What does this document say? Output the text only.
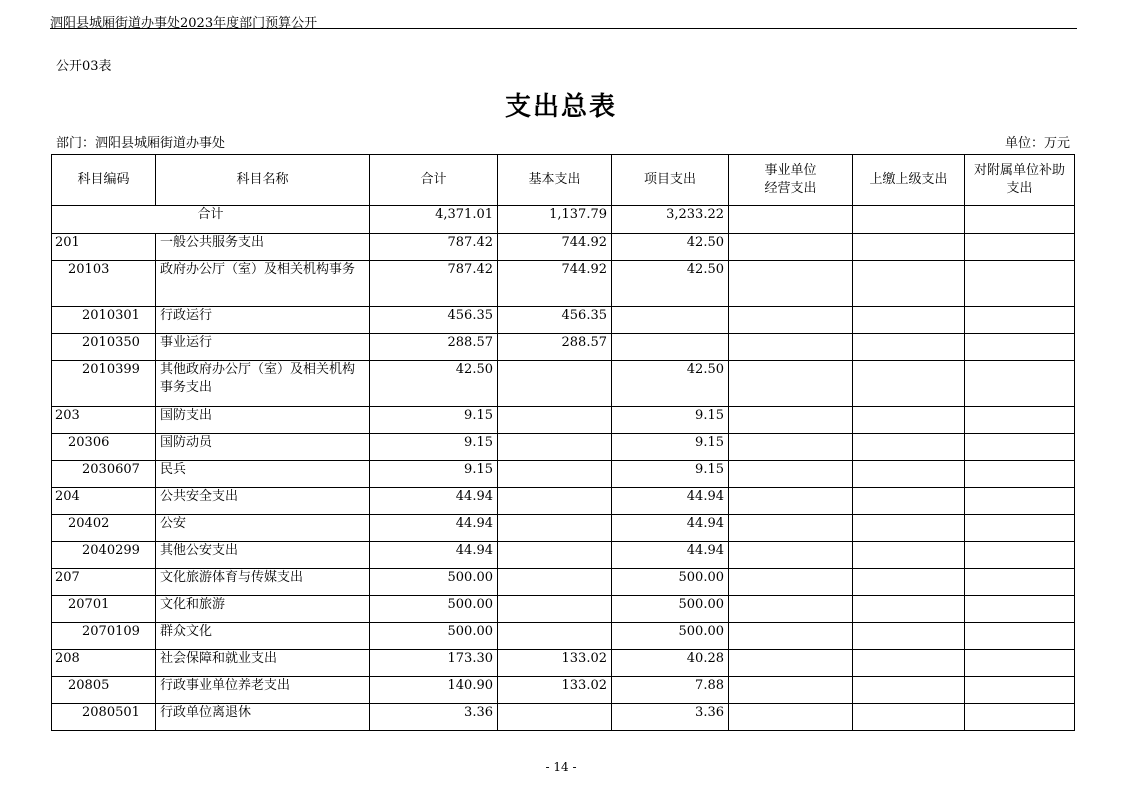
泗阳县城厢街道办事处2023年度部门预算公开
公开03表
支出总表
部门：泗阳县城厢街道办事处	单位：万元
科目编码	科目名称	合计	基本支出	项目支出	事业单位经营支出	上缴上级支出	对附属单位补助支出
合计		4,371.01	1,137.79	3,233.22			
201	一般公共服务支出	787.42	744.92	42.50			
20103	政府办公厅（室）及相关机构事务	787.42	744.92	42.50			
2010301	行政运行	456.35	456.35				
2010350	事业运行	288.57	288.57				
2010399	其他政府办公厅（室）及相关机构事务支出	42.50		42.50			
203	国防支出	9.15		9.15			
20306	国防动员	9.15		9.15			
2030607	民兵	9.15		9.15			
204	公共安全支出	44.94		44.94			
20402	公安	44.94		44.94			
2040299	其他公安支出	44.94		44.94			
207	文化旅游体育与传媒支出	500.00		500.00			
20701	文化和旅游	500.00		500.00			
2070109	群众文化	500.00		500.00			
208	社会保障和就业支出	173.30	133.02	40.28			
20805	行政事业单位养老支出	140.90	133.02	7.88			
2080501	行政单位离退休	3.36		3.36			
- 14 -
